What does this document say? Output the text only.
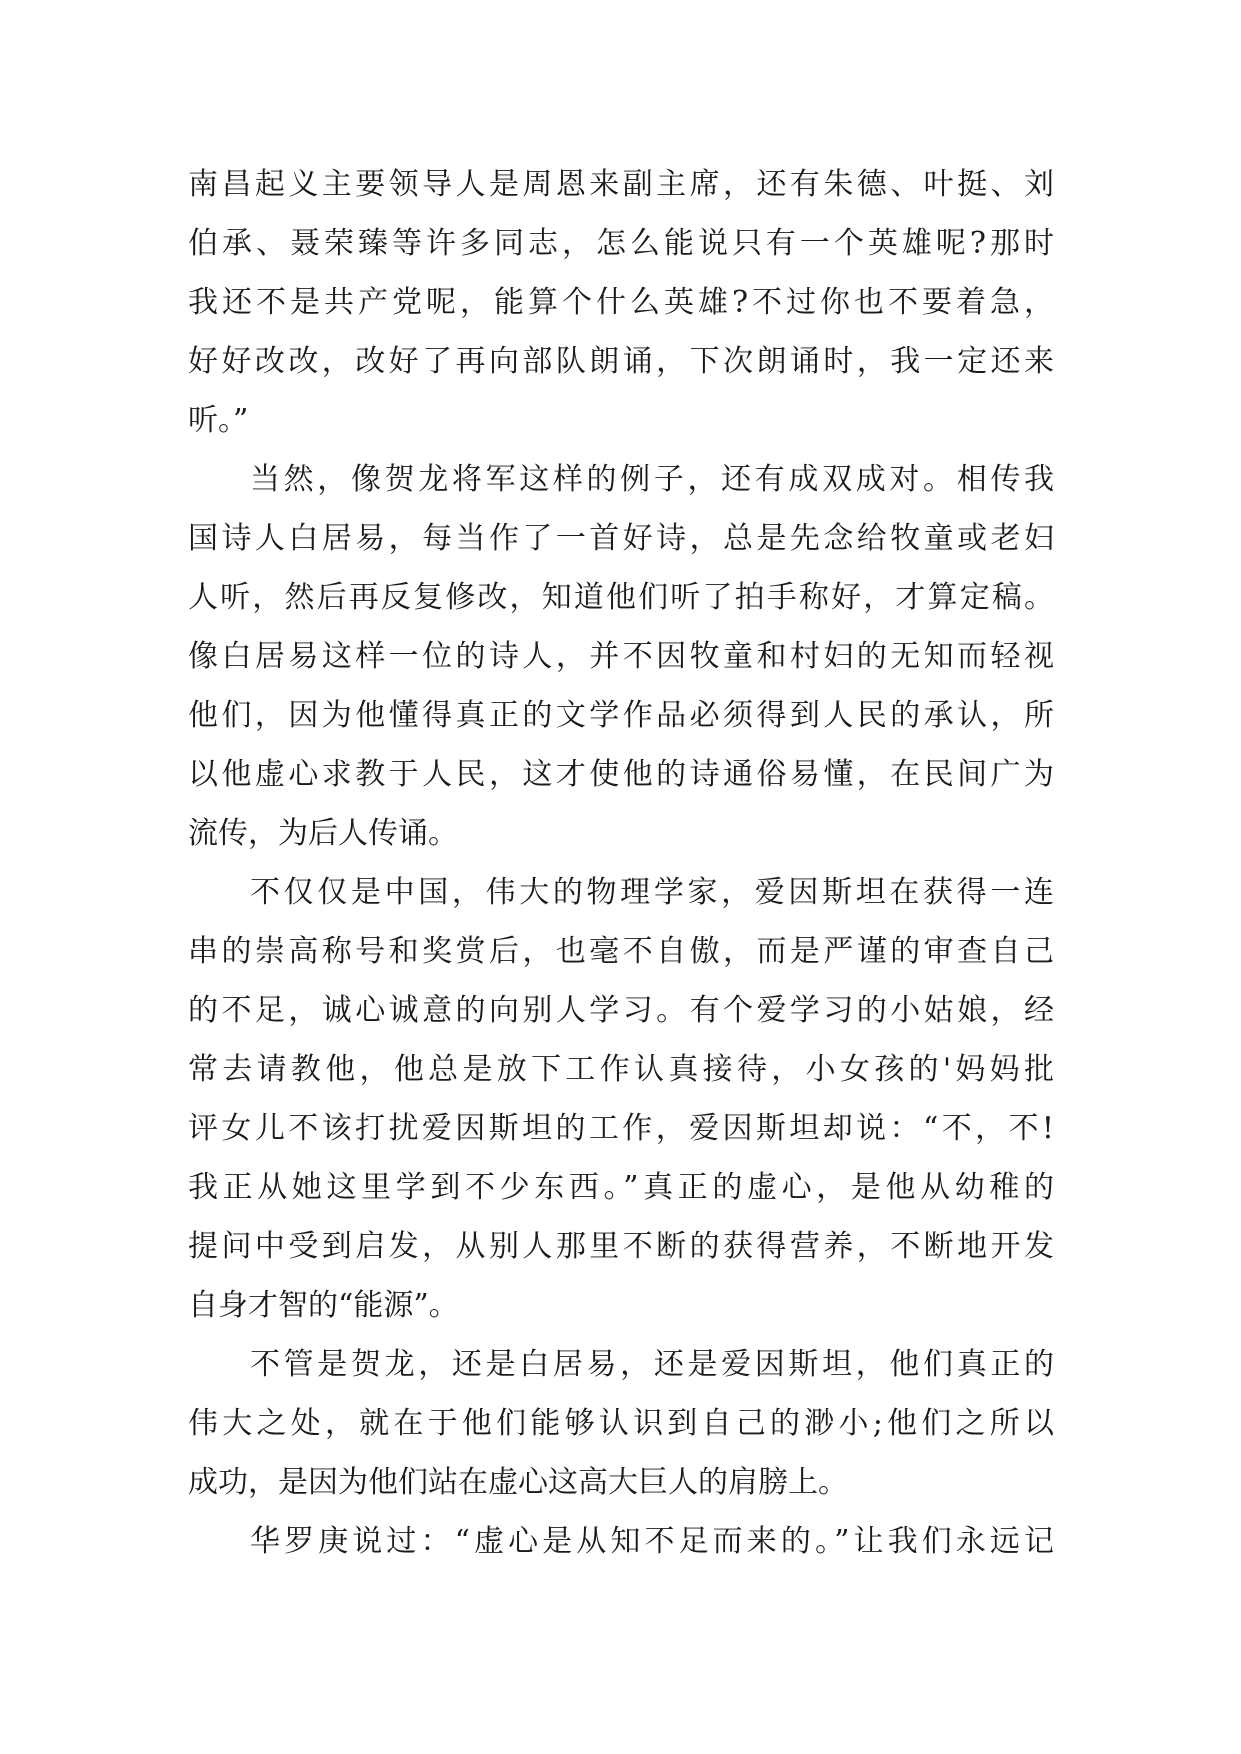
南昌起义主要领导人是周恩来副主席，还有朱德、叶挺、刘
伯承、聂荣臻等许多同志，怎么能说只有一个英雄呢?那时
我还不是共产党呢，能算个什么英雄?不过你也不要着急，
好好改改，改好了再向部队朗诵，下次朗诵时，我一定还来
听。”

当然，像贺龙将军这样的例子，还有成双成对。相传我
国诗人白居易，每当作了一首好诗，总是先念给牧童或老妇
人听，然后再反复修改，知道他们听了拍手称好，才算定稿。
像白居易这样一位的诗人，并不因牧童和村妇的无知而轻视
他们，因为他懂得真正的文学作品必须得到人民的承认，所
以他虚心求教于人民，这才使他的诗通俗易懂，在民间广为
流传，为后人传诵。

不仅仅是中国，伟大的物理学家，爱因斯坦在获得一连
串的崇高称号和奖赏后，也毫不自傲，而是严谨的审查自己
的不足，诚心诚意的向别人学习。有个爱学习的小姑娘，经
常去请教他，他总是放下工作认真接待，小女孩的'妈妈批
评女儿不该打扰爱因斯坦的工作，爱因斯坦却说：“不，不!
我正从她这里学到不少东西。”真正的虚心，是他从幼稚的
提问中受到启发，从别人那里不断的获得营养，不断地开发
自身才智的“能源”。

不管是贺龙，还是白居易，还是爱因斯坦，他们真正的
伟大之处，就在于他们能够认识到自己的渺小;他们之所以
成功，是因为他们站在虚心这高大巨人的肩膀上。

华罗庚说过：“虚心是从知不足而来的。”让我们永远记
